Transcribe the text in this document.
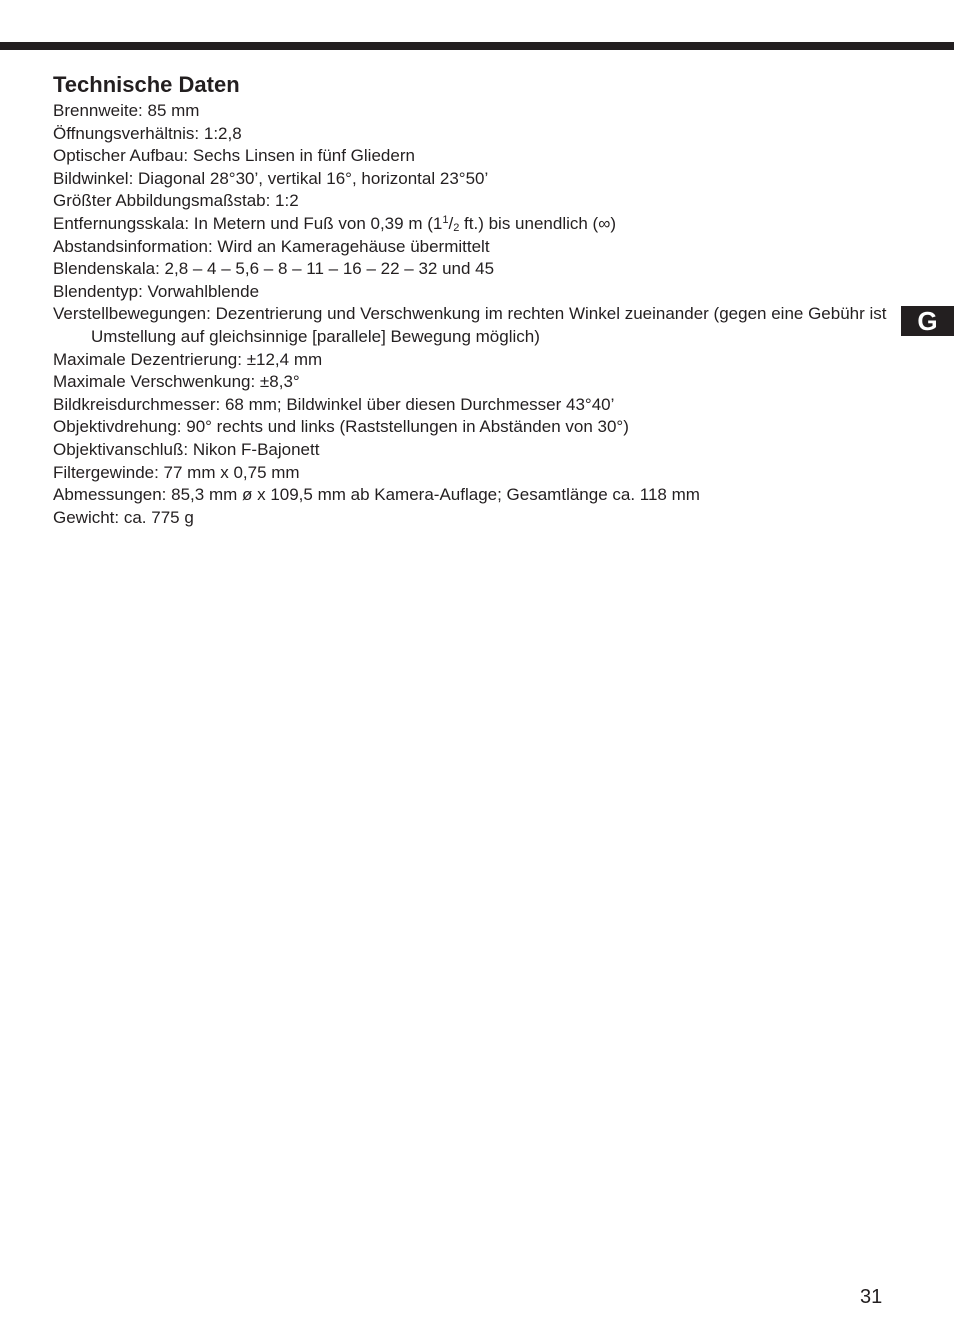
Technische Daten
Brennweite: 85 mm
Öffnungsverhältnis: 1:2,8
Optischer Aufbau: Sechs Linsen in fünf Gliedern
Bildwinkel: Diagonal 28°30’, vertikal 16°, horizontal 23°50’
Größter Abbildungsmaßstab: 1:2
Entfernungsskala: In Metern und Fuß von 0,39 m ($1^1/_2$ ft.) bis unendlich (∞)
Abstandsinformation: Wird an Kameragehäuse übermittelt
Blendenskala: 2,8 – 4 – 5,6 – 8 – 11 – 16 – 22 – 32 und 45
Blendentyp: Vorwahlblende
Verstellbewegungen: Dezentrierung und Verschwenkung im rechten Winkel zueinander (gegen eine Gebühr ist Umstellung auf gleichsinnige [parallele] Bewegung möglich)
Maximale Dezentrierung: ±12,4 mm
Maximale Verschwenkung: ±8,3°
Bildkreisdurchmesser: 68 mm; Bildwinkel über diesen Durchmesser 43°40’
Objektivdrehung: 90° rechts und links (Raststellungen in Abständen von 30°)
Objektivanschluß: Nikon F-Bajonett
Filtergewinde: 77 mm x 0,75 mm
Abmessungen: 85,3 mm ø x 109,5 mm ab Kamera-Auflage; Gesamtlänge ca. 118 mm
Gewicht: ca. 775 g
G
31
